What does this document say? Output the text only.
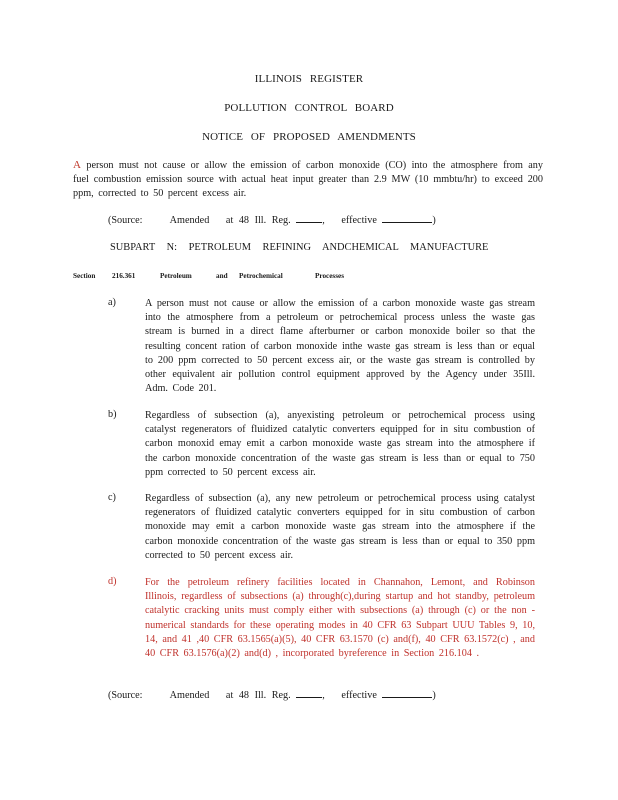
ILLINOIS REGISTER
POLLUTION CONTROL BOARD
NOTICE OF PROPOSED AMENDMENTS

A person must not cause or allow the emission of carbon monoxide (CO) into the atmosphere from any fuel combustion emission source with actual heat input greater than 2.9 MW (10 mmbtu/hr) to exceed 200 ppm, corrected to 50 percent excess air.

(Source:     Amended   at 48 Ill. Reg.	,   effective	)
SUBPART N: PETROLEUM REFINING ANDCHEMICAL MANUFACTURE
Section 216.361	Petroleum	and Petrochemical	Processes
a)	A person must not cause or allow the emission of a carbon monoxide waste gas stream into the atmosphere from a petroleum or petrochemical process unless the waste gas stream is burned in a direct flame afterburner or carbon monoxide boiler so that the resulting concent ration of carbon monoxide inthe waste gas stream is less than or equal to 200 ppm corrected to 50 percent excess air, or the waste gas stream is controlled by other equivalent air pollution control equipment approved by the Agency under 35Ill. Adm. Code 201.

b)	Regardless of subsection (a), anyexisting petroleum or petrochemical process using catalyst regenerators of fluidized catalytic converters equipped for in situ combustion of carbon monoxid emay emit a carbon monoxide waste gas stream into the atmosphere if the carbon monoxide concentration of the waste gas stream is less than or equal to 750 ppm corrected to 50 percent excess air.

c)	Regardless of subsection (a), any new petroleum or petrochemical process using catalyst regenerators of fluidized catalytic converters equipped for in situ combustion of carbon monoxide may emit a carbon monoxide waste gas stream into the atmosphere if the carbon monoxide concentration of the waste gas stream is less than or equal to 350 ppm corrected to 50 percent excess air.

d)	For the petroleum refinery facilities located in Channahon, Lemont, and Robinson Illinois, regardless of subsections (a) through(c),during startup and hot standby, petroleum catalytic cracking units must comply either with subsections (a) through (c) or the non -numerical standards for these operating modes in 40 CFR 63 Subpart UUU Tables 9, 10, 14, and 41 ,40 CFR 63.1565(a)(5), 40 CFR 63.1570 (c) and(f), 40 CFR 63.1572(c) , and 40 CFR 63.1576(a)(2) and(d) , incorporated byreference in Section 216.104 .

(Source:     Amended   at 48 Ill. Reg.	,   effective	)
